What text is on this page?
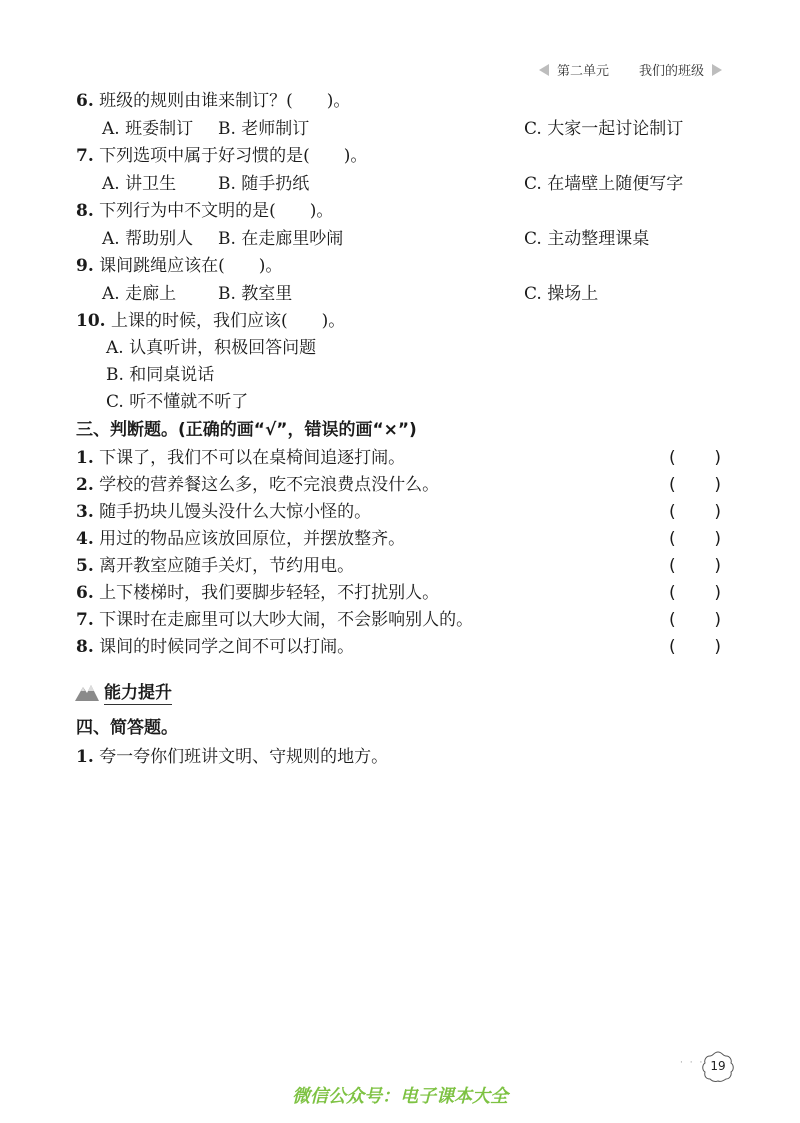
第二单元 我们的班级
6. 班级的规则由谁来制订？(　　)。
A. 班委制订 B. 老师制订	C. 大家一起讨论制订
7. 下列选项中属于好习惯的是(　　)。
A. 讲卫生 B. 随手扔纸	C. 在墙壁上随便写字
8. 下列行为中不文明的是(　　)。
A. 帮助别人 B. 在走廊里吵闹	C. 主动整理课桌
9. 课间跳绳应该在(　　)。
A. 走廊上 B. 教室里	C. 操场上
10. 上课的时候，我们应该(　　)。
A. 认真听讲，积极回答问题
B. 和同桌说话
C. 听不懂就不听了
三、判断题。(正确的画“√”，错误的画“×”)
1. 下课了，我们不可以在桌椅间追逐打闹。	( )
2. 学校的营养餐这么多，吃不完浪费点没什么。	( )
3. 随手扔块儿馒头没什么大惊小怪的。	( )
4. 用过的物品应该放回原位，并摆放整齐。	( )
5. 离开教室应随手关灯，节约用电。	( )
6. 上下楼梯时，我们要脚步轻轻，不打扰别人。	( )
7. 下课时在走廊里可以大吵大闹，不会影响别人的。	( )
8. 课间的时候同学之间不可以打闹。	( )
能力提升
四、简答题。
1. 夸一夸你们班讲文明、守规则的地方。
· · · 19
微信公众号：电子课本大全
